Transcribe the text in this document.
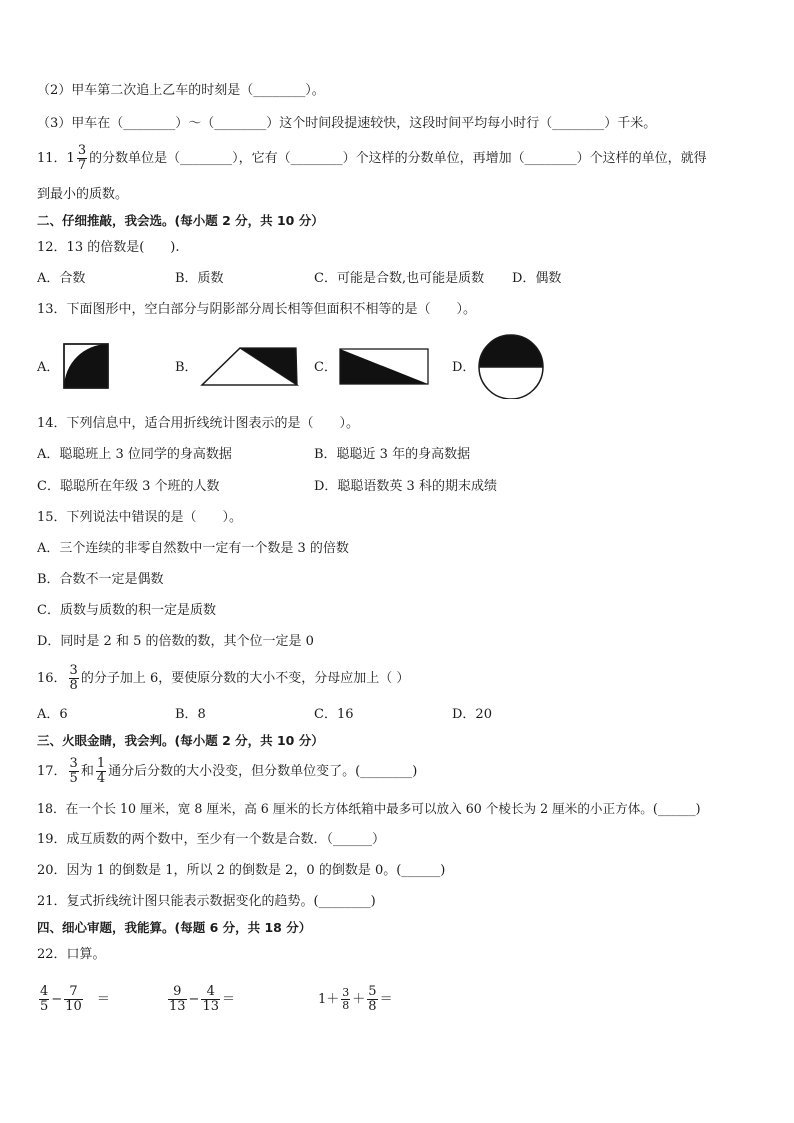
（2）甲车第二次追上乙车的时刻是（________）。
（3）甲车在（________）～（________）这个时间段提速较快，这段时间平均每小时行（________）千米。
11．$1 \frac{3}{7}$ 的分数单位是（________），它有（________）个这样的分数单位，再增加（________）个这样的单位，就得
到最小的质数。
二、仔细推敲，我会选。(每小题 2 分，共 10 分）
12．13 的倍数是(　　).
A．合数	B．质数	C．可能是合数,也可能是质数 D．偶数
13．下面图形中，空白部分与阴影部分周长相等但面积不相等的是（　　）。
A．	B．	C．	D．
14．下列信息中，适合用折线统计图表示的是（　　）。
A．聪聪班上 3 位同学的身高数据	B．聪聪近 3 年的身高数据
C．聪聪所在年级 3 个班的人数	D．聪聪语数英 3 科的期末成绩
15．下列说法中错误的是（　　）。
A．三个连续的非零自然数中一定有一个数是 3 的倍数
B．合数不一定是偶数
C．质数与质数的积一定是质数
D．同时是 2 和 5 的倍数的数，其个位一定是 0
16． $\frac{3}{8}$ 的分子加上 6，要使原分数的大小不变，分母应加上（ ）
A．6	B．8	C．16	D．20
三、火眼金睛，我会判。(每小题 2 分，共 10 分）
17． $\frac{3}{5}$ 和 $\frac{1}{4}$ 通分后分数的大小没变，但分数单位变了。(________)
18．在一个长 10 厘米，宽 8 厘米，高 6 厘米的长方体纸箱中最多可以放入 60 个棱长为 2 厘米的小正方体。(______)
19．成互质数的两个数中，至少有一个数是合数．（______）
20．因为 1 的倒数是 1，所以 2 的倒数是 2，0 的倒数是 0。(______)
21．复式折线统计图只能表示数据变化的趋势。(________)
四、细心审题，我能算。(每题 6 分，共 18 分）
22．口算。
$\frac{4}{5} - \frac{7}{10}$ ＝	$\frac{9}{13} - \frac{4}{13}$ ＝	$1+ \frac{3}{8} + \frac{5}{8}$ ＝
